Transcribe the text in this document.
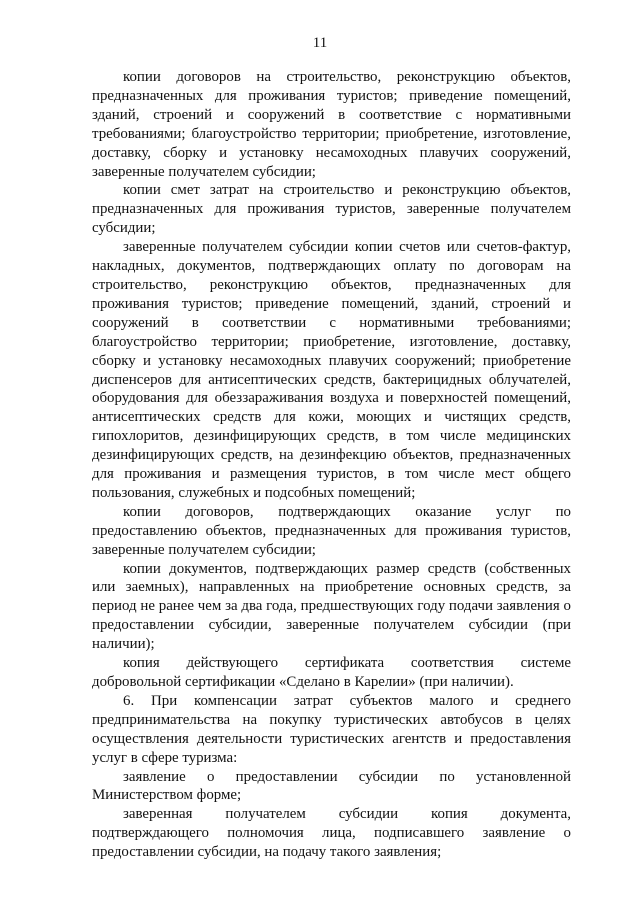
11

копии договоров на строительство, реконструкцию объектов, предназначенных для проживания туристов; приведение помещений, зданий, строений и сооружений в соответствие с нормативными требованиями; благоустройство территории; приобретение, изготовление, доставку, сборку и установку несамоходных плавучих сооружений, заверенные получателем субсидии;

копии смет затрат на строительство и реконструкцию объектов, предназначенных для проживания туристов, заверенные получателем субсидии;

заверенные получателем субсидии копии счетов или счетов-фактур, накладных, документов, подтверждающих оплату по договорам на строительство, реконструкцию объектов, предназначенных для проживания туристов; приведение помещений, зданий, строений и сооружений в соответствии с нормативными требованиями; благоустройство территории; приобретение, изготовление, доставку, сборку и установку несамоходных плавучих сооружений; приобретение диспенсеров для антисептических средств, бактерицидных облучателей, оборудования для обеззараживания воздуха и поверхностей помещений, антисептических средств для кожи, моющих и чистящих средств, гипохлоритов, дезинфицирующих средств, в том числе медицинских дезинфицирующих средств, на дезинфекцию объектов, предназначенных для проживания и размещения туристов, в том числе мест общего пользования, служебных и подсобных помещений;

копии договоров, подтверждающих оказание услуг по предоставлению объектов, предназначенных для проживания туристов, заверенные получателем субсидии;

копии документов, подтверждающих размер средств (собственных или заемных), направленных на приобретение основных средств, за период не ранее чем за два года, предшествующих году подачи заявления о предоставлении субсидии, заверенные получателем субсидии (при наличии);

копия действующего сертификата соответствия системе добровольной сертификации «Сделано в Карелии» (при наличии).

6. При компенсации затрат субъектов малого и среднего предпринимательства на покупку туристических автобусов в целях осуществления деятельности туристических агентств и предоставления услуг в сфере туризма:

заявление о предоставлении субсидии по установленной Министерством форме;

заверенная получателем субсидии копия документа, подтверждающего полномочия лица, подписавшего заявление о предоставлении субсидии, на подачу такого заявления;
